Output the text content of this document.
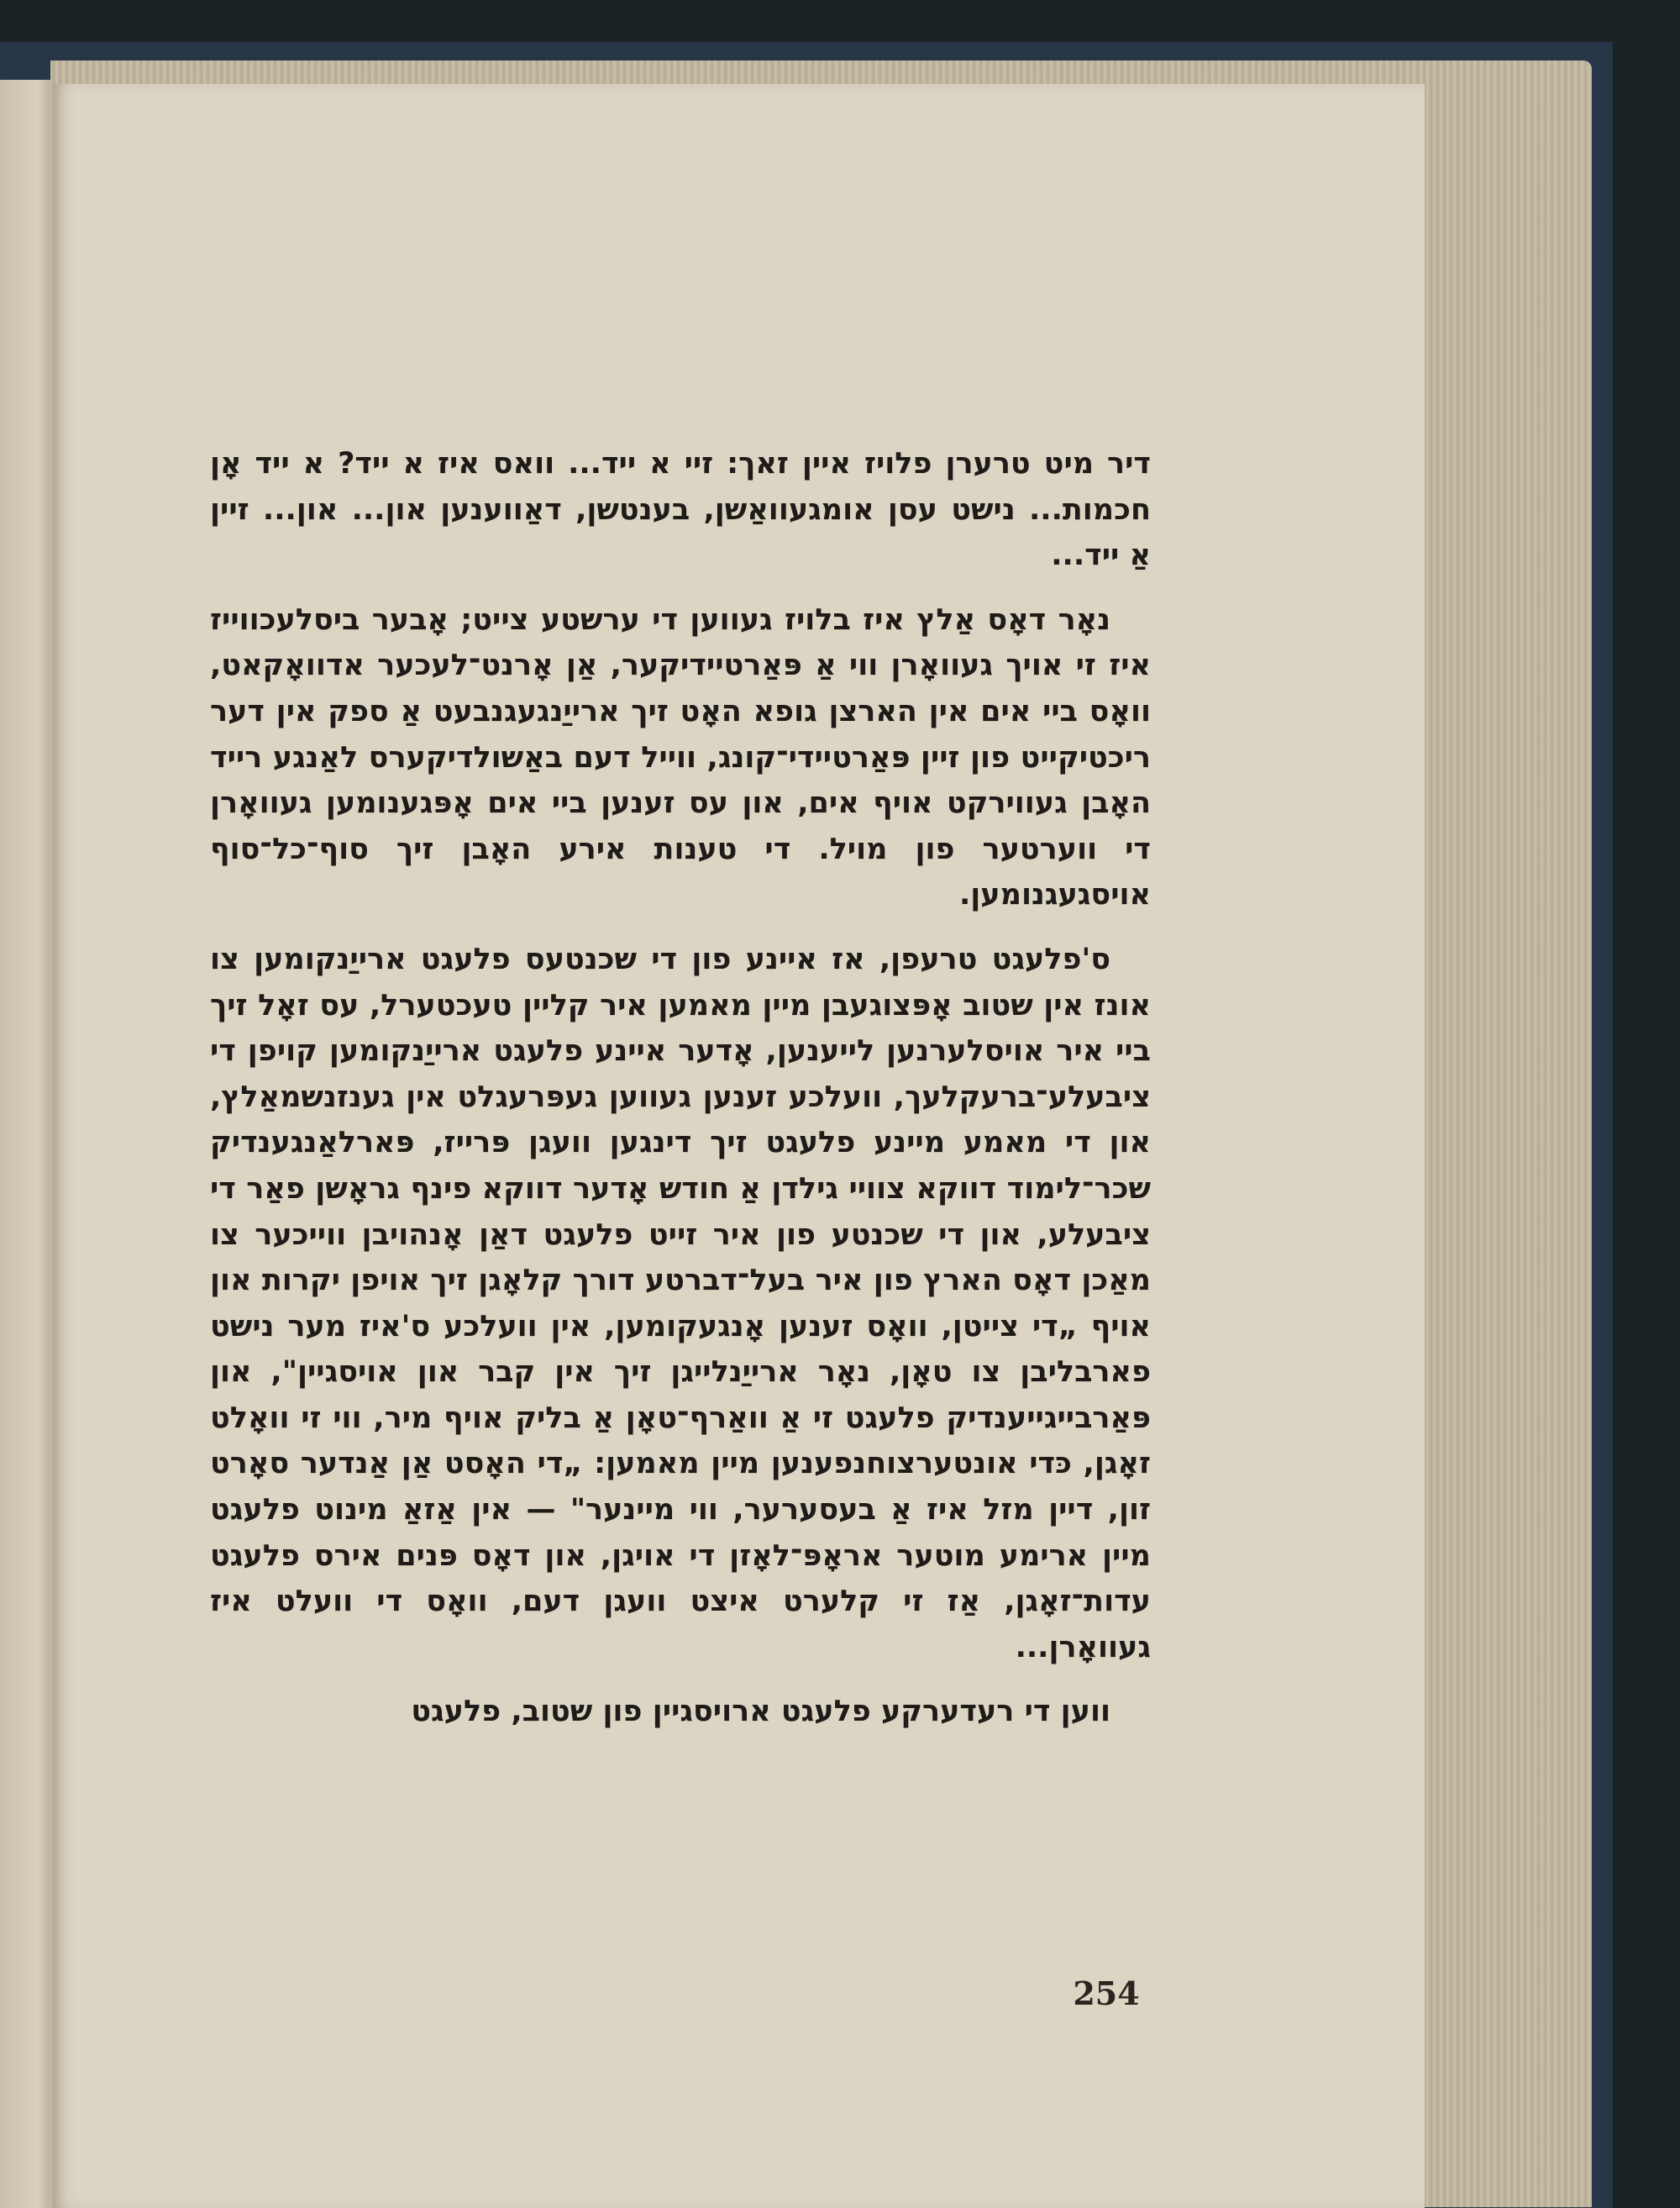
דיר מיט טרערן פלויז איין זאך: זיי א ייד... וואס איז א ייד? א ייד אָן חכמות... נישט עסן אומגעוואַשן, בענטשן, דאַווענען און... און... זיין אַ ייד...

נאָר דאָס אַלץ איז בלויז געווען די ערשטע צייט; אָבער ביסלעכווייז איז זי אויך געוואָרן ווי אַ פּאַרטיידיקער, אַן אָרנט־לעכער אדוואָקאט, וואָס ביי אים אין הארצן גופא האָט זיך ארייַנגעגנבעט אַ ספק אין דער ריכטיקייט פון זיין פּאַרטיידי־קונג, ווייל דעם באַשולדיקערס לאַנגע רייד האָבן געווירקט אויף אים, און עס זענען ביי אים אָפּגענומען געוואָרן די ווערטער פון מויל. די טענות אירע האָבן זיך סוף־כל־סוף אויסגעגנומען.

ס'פלעגט טרעפן, אז איינע פון די שכנטעס פלעגט ארייַנקומען צו אונז אין שטוב אָפּצוגעבן מיין מאמען איר קליין טעכטערל, עס זאָל זיך ביי איר אויסלערנען לייענען, אָדער איינע פלעגט ארייַנקומען קויפן די ציבעלע־ברעקלעך, וועלכע זענען געווען געפּרעגלט אין גענזנשמאַלץ, און די מאמע מיינע פלעגט זיך דינגען וועגן פּרייז, פּארלאַנגענדיק שכר־לימוד דווקא צוויי גילדן אַ חודש אָדער דווקא פינף גראָשן פאַר די ציבעלע, און די שכנטע פון איר זייט פלעגט דאַן אָנהויבן ווייכער צו מאַכן דאָס הארץ פון איר בעל־דברטע דורך קלאָגן זיך אויפן יקרות און אויף „די צייטן, וואָס זענען אָנגעקומען, אין וועלכע ס'איז מער נישט פארבליבן צו טאָן, נאָר ארייַנלייגן זיך אין קבר און אויסגיין", און פּאַרבייגייענדיק פלעגט זי אַ וואַרף־טאָן אַ בליק אויף מיר, ווי זי וואָלט זאָגן, כּדי אונטערצוחנפענען מיין מאמען: „די האָסט אַן אַנדער סאָרט זון, דיין מזל איז אַ בעסערער, ווי מיינער" — אין אַזאַ מינוט פלעגט מיין ארימע מוטער אראָפּ־לאָזן די אויגן, און דאָס פּנים אירס פלעגט עדות־זאָגן, אַז זי קלערט איצט וועגן דעם, וואָס די וועלט איז געוואָרן...

ווען די רעדערקע פלעגט ארויסגיין פון שטוב, פלעגט

254
